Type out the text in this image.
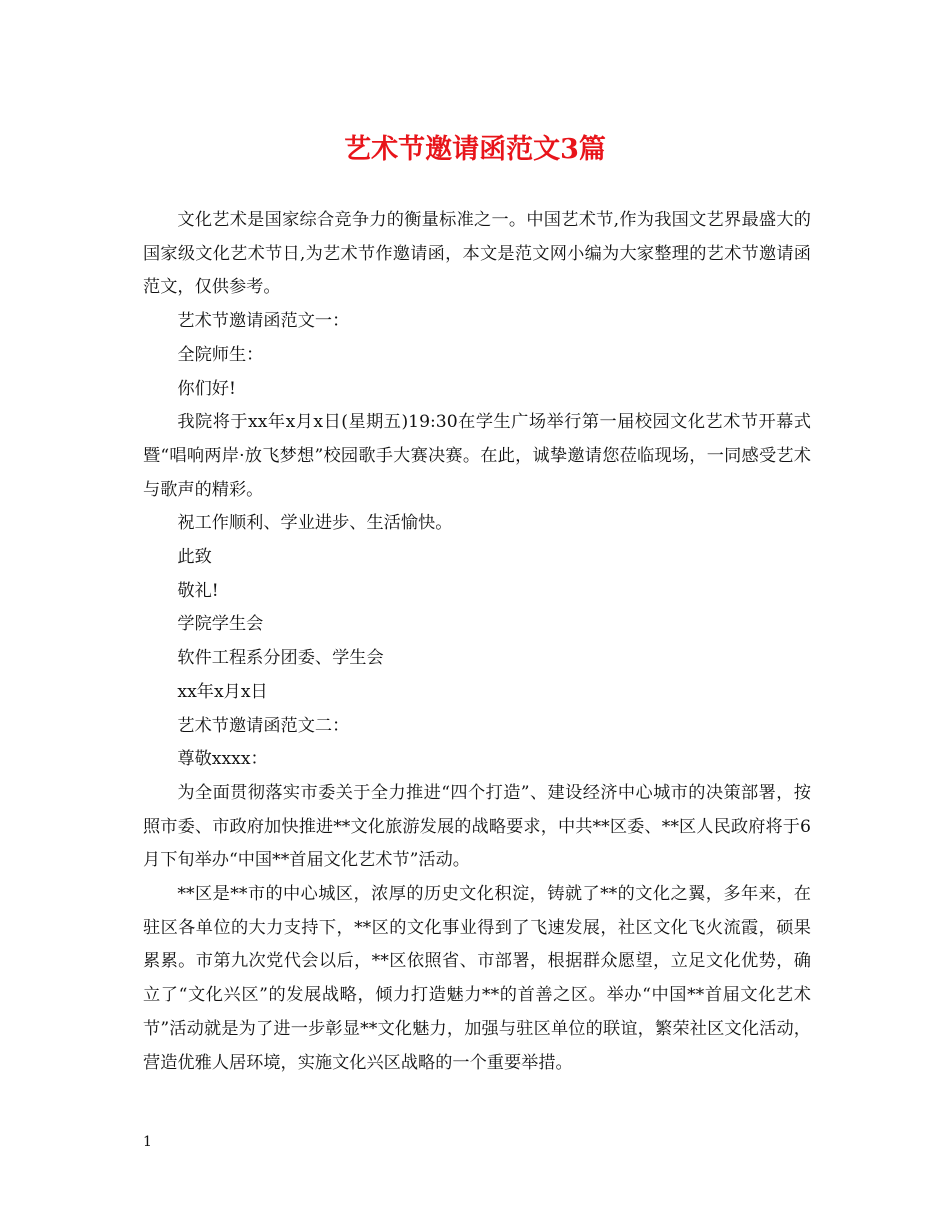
艺术节邀请函范文3篇

文化艺术是国家综合竞争力的衡量标准之一。中国艺术节,作为我国文艺界最盛大的国家级文化艺术节日,为艺术节作邀请函，本文是范文网小编为大家整理的艺术节邀请函范文，仅供参考。

艺术节邀请函范文一：

全院师生：

你们好!

我院将于xx年x月x日(星期五)19:30在学生广场举行第一届校园文化艺术节开幕式暨“唱响两岸·放飞梦想”校园歌手大赛决赛。在此，诚挚邀请您莅临现场，一同感受艺术与歌声的精彩。

祝工作顺利、学业进步、生活愉快。

此致

敬礼!

学院学生会

软件工程系分团委、学生会

xx年x月x日

艺术节邀请函范文二：

尊敬xxxx：

为全面贯彻落实市委关于全力推进“四个打造”、建设经济中心城市的决策部署，按照市委、市政府加快推进**文化旅游发展的战略要求，中共**区委、**区人民政府将于6月下旬举办“中国**首届文化艺术节”活动。

**区是**市的中心城区，浓厚的历史文化积淀，铸就了**的文化之翼，多年来，在驻区各单位的大力支持下，**区的文化事业得到了飞速发展，社区文化飞火流霞，硕果累累。市第九次党代会以后，**区依照省、市部署，根据群众愿望，立足文化优势，确立了“文化兴区”的发展战略，倾力打造魅力**的首善之区。举办“中国**首届文化艺术节”活动就是为了进一步彰显**文化魅力，加强与驻区单位的联谊，繁荣社区文化活动，营造优雅人居环境，实施文化兴区战略的一个重要举措。

1
